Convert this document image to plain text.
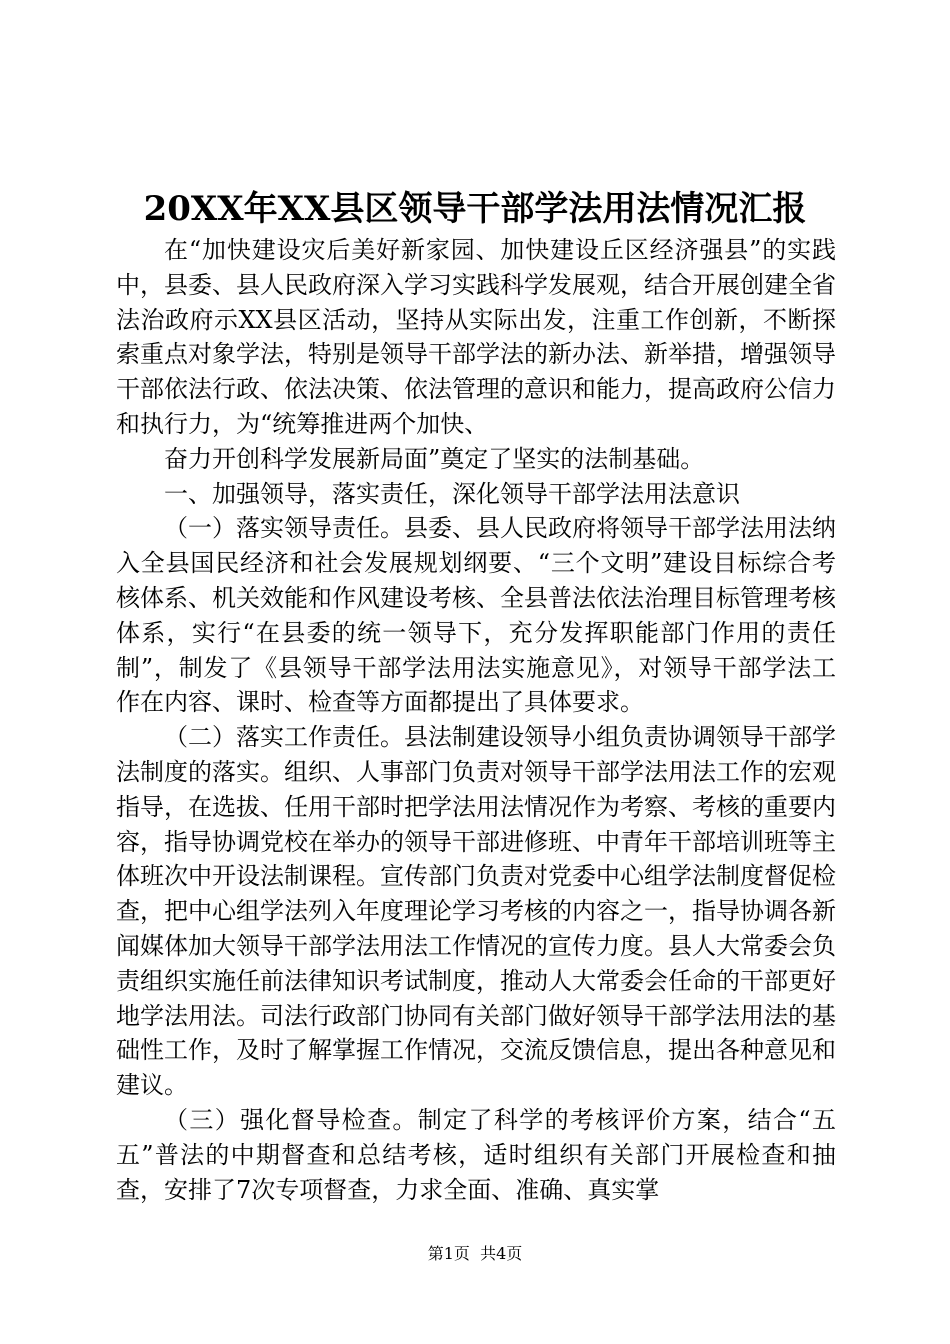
20XX年XX县区领导干部学法用法情况汇报

在“加快建设灾后美好新家园、加快建设丘区经济强县”的实践中，县委、县人民政府深入学习实践科学发展观，结合开展创建全省法治政府示XX县区活动，坚持从实际出发，注重工作创新，不断探索重点对象学法，特别是领导干部学法的新办法、新举措，增强领导干部依法行政、依法决策、依法管理的意识和能力，提高政府公信力和执行力，为“统筹推进两个加快、

奋力开创科学发展新局面”奠定了坚实的法制基础。

一、加强领导，落实责任，深化领导干部学法用法意识

（一）落实领导责任。县委、县人民政府将领导干部学法用法纳入全县国民经济和社会发展规划纲要、“三个文明”建设目标综合考核体系、机关效能和作风建设考核、全县普法依法治理目标管理考核体系，实行“在县委的统一领导下，充分发挥职能部门作用的责任制”，制发了《县领导干部学法用法实施意见》，对领导干部学法工作在内容、课时、检查等方面都提出了具体要求。

（二）落实工作责任。县法制建设领导小组负责协调领导干部学法制度的落实。组织、人事部门负责对领导干部学法用法工作的宏观指导，在选拔、任用干部时把学法用法情况作为考察、考核的重要内容，指导协调党校在举办的领导干部进修班、中青年干部培训班等主体班次中开设法制课程。宣传部门负责对党委中心组学法制度督促检查，把中心组学法列入年度理论学习考核的内容之一，指导协调各新闻媒体加大领导干部学法用法工作情况的宣传力度。县人大常委会负责组织实施任前法律知识考试制度，推动人大常委会任命的干部更好地学法用法。司法行政部门协同有关部门做好领导干部学法用法的基础性工作，及时了解掌握工作情况，交流反馈信息，提出各种意见和建议。

（三）强化督导检查。制定了科学的考核评价方案，结合“五五”普法的中期督查和总结考核，适时组织有关部门开展检查和抽查，安排了7次专项督查，力求全面、准确、真实掌

第1页  共4页
